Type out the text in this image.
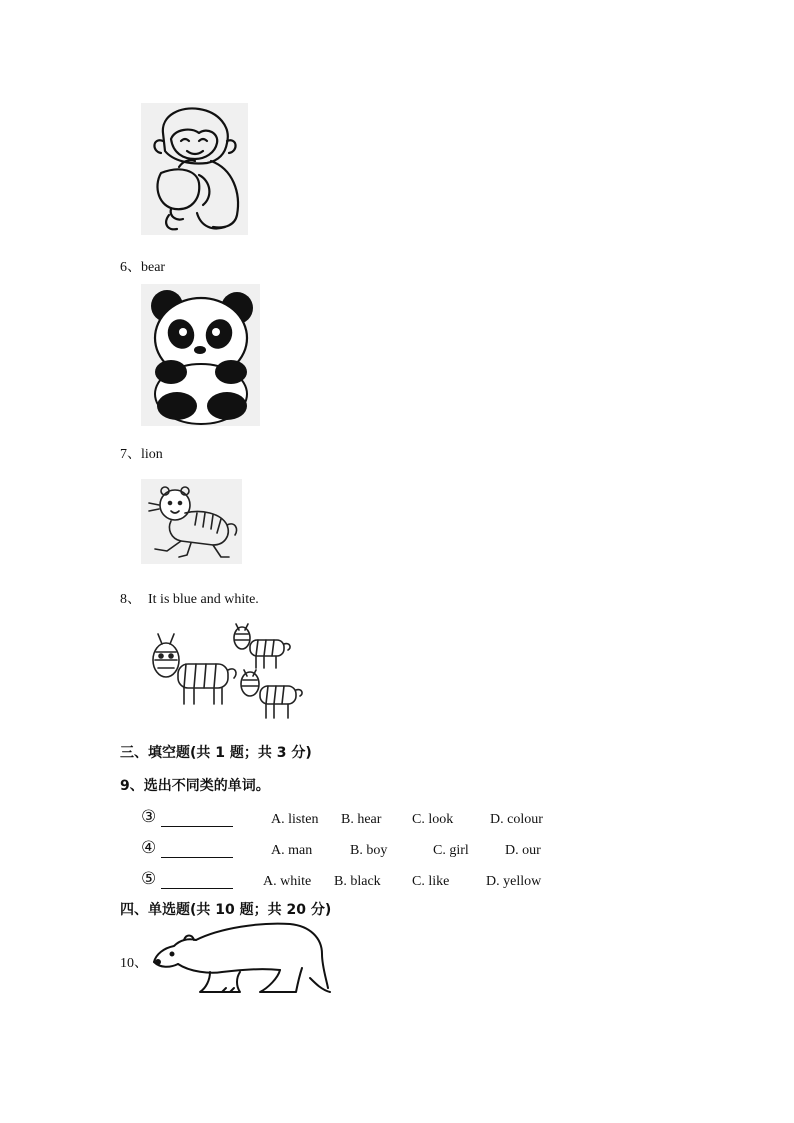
6、bear
7、lion
8、 It is blue and white.
三、填空题(共 1 题；共 3 分)
9、选出不同类的单词。
③	A. listen B. hear C. look	D. colour
④	A. man	B. boy	C. girl	D. our
⑤	A. white B. black C. like	D. yellow
四、单选题(共 10 题；共 20 分)
10、
